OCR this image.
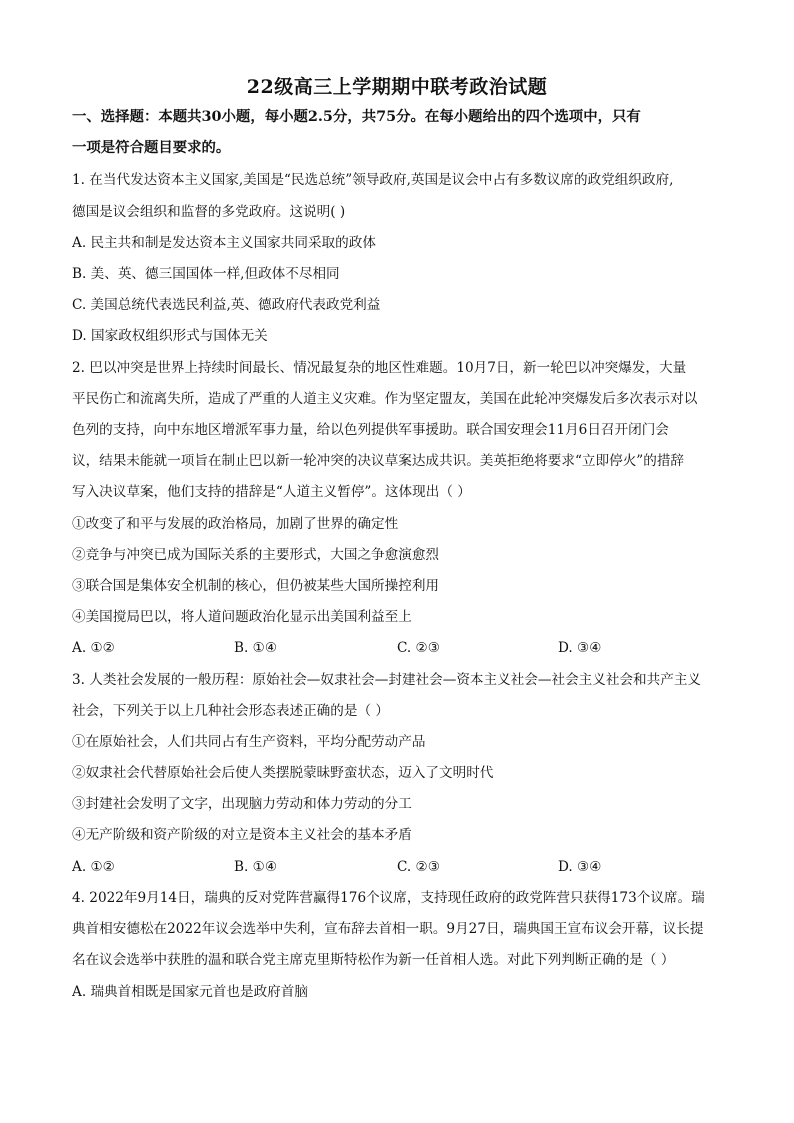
22级高三上学期期中联考政治试题
一、选择题：本题共30小题，每小题2.5分，共75分。在每小题给出的四个选项中，只有
一项是符合题目要求的。
1. 在当代发达资本主义国家,美国是“民选总统”领导政府,英国是议会中占有多数议席的政党组织政府,
德国是议会组织和监督的多党政府。这说明( )
A. 民主共和制是发达资本主义国家共同采取的政体
B. 美、英、德三国国体一样,但政体不尽相同
C. 美国总统代表选民利益,英、德政府代表政党利益
D. 国家政权组织形式与国体无关
2. 巴以冲突是世界上持续时间最长、情况最复杂的地区性难题。10月7日，新一轮巴以冲突爆发，大量
平民伤亡和流离失所，造成了严重的人道主义灾难。作为坚定盟友，美国在此轮冲突爆发后多次表示对以
色列的支持，向中东地区增派军事力量，给以色列提供军事援助。联合国安理会11月6日召开闭门会
议，结果未能就一项旨在制止巴以新一轮冲突的决议草案达成共识。美英拒绝将要求“立即停火”的措辞
写入决议草案，他们支持的措辞是“人道主义暂停”。这体现出（ ）
①改变了和平与发展的政治格局，加剧了世界的确定性
②竞争与冲突已成为国际关系的主要形式，大国之争愈演愈烈
③联合国是集体安全机制的核心，但仍被某些大国所操控利用
④美国搅局巴以，将人道问题政治化显示出美国利益至上
A. ①②	B. ①④	C. ②③	D. ③④
3. 人类社会发展的一般历程：原始社会—奴隶社会—封建社会—资本主义社会—社会主义社会和共产主义
社会，下列关于以上几种社会形态表述正确的是（ ）
①在原始社会，人们共同占有生产资料，平均分配劳动产品
②奴隶社会代替原始社会后使人类摆脱蒙昧野蛮状态，迈入了文明时代
③封建社会发明了文字，出现脑力劳动和体力劳动的分工
④无产阶级和资产阶级的对立是资本主义社会的基本矛盾
A. ①②	B. ①④	C. ②③	D. ③④
4. 2022年9月14日，瑞典的反对党阵营赢得176个议席，支持现任政府的政党阵营只获得173个议席。瑞
典首相安德松在2022年议会选举中失利，宣布辞去首相一职。9月27日，瑞典国王宣布议会开幕，议长提
名在议会选举中获胜的温和联合党主席克里斯特松作为新一任首相人选。对此下列判断正确的是（ ）
A. 瑞典首相既是国家元首也是政府首脑
